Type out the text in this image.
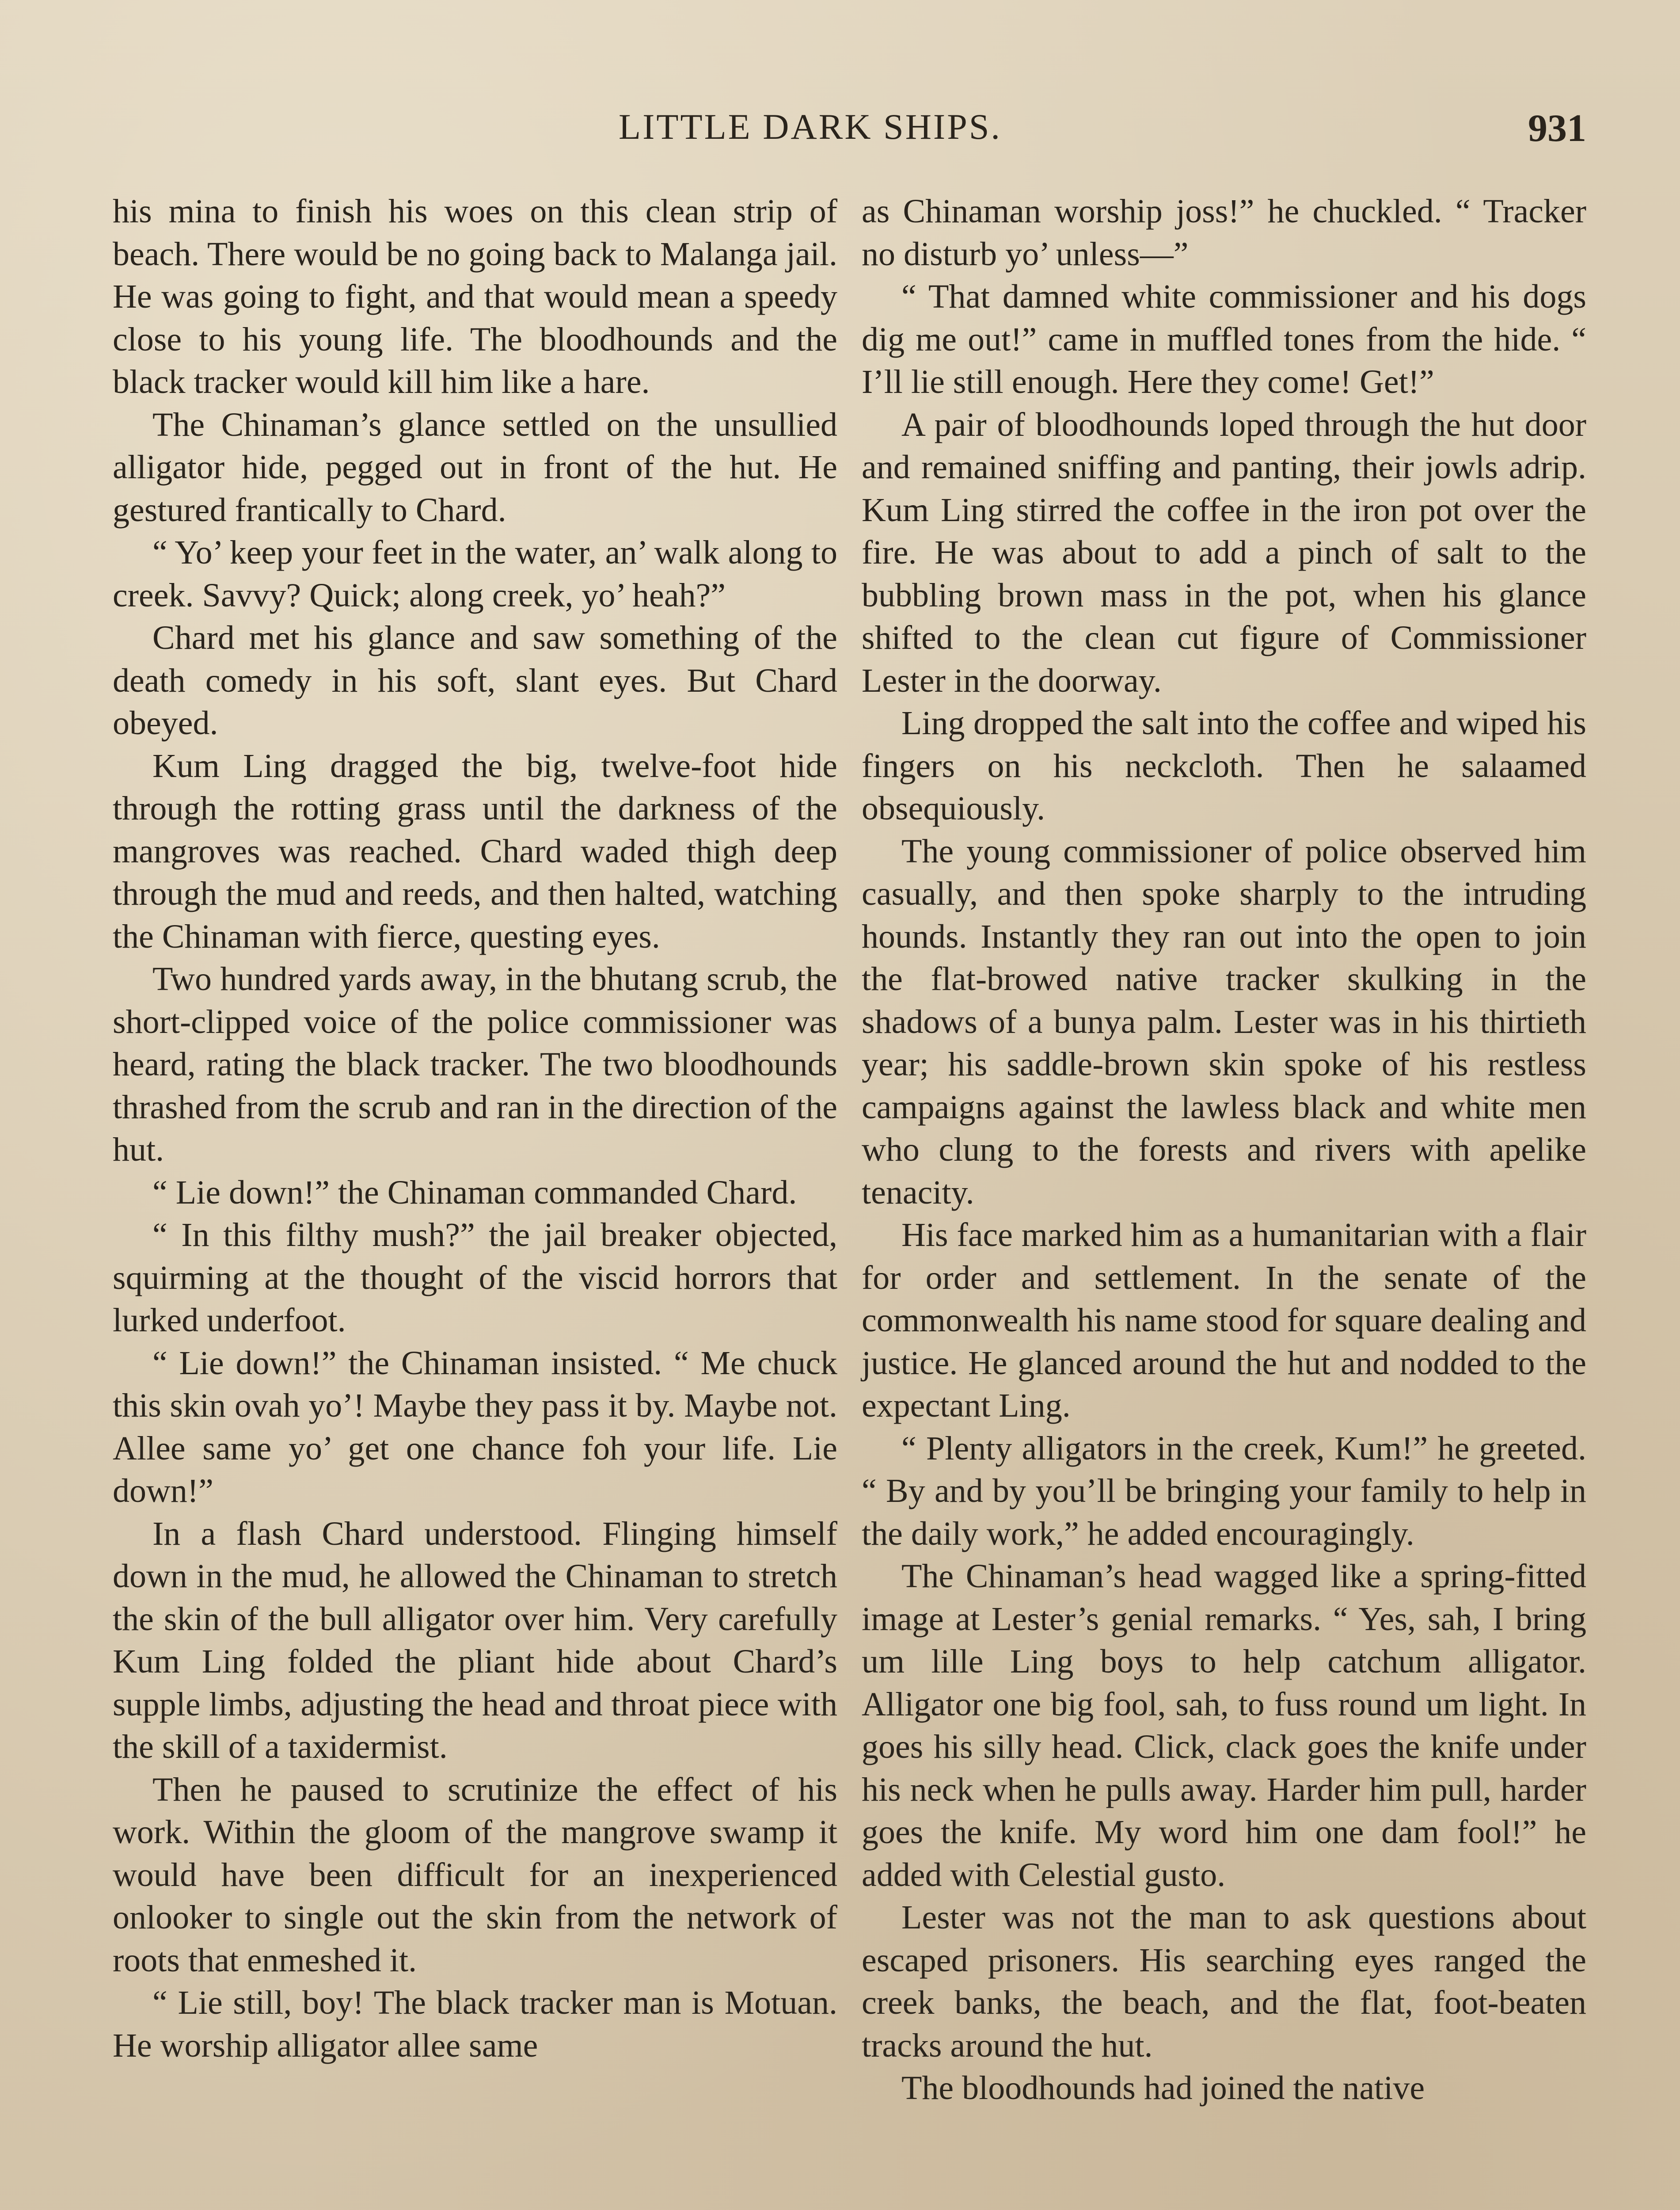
LITTLE DARK SHIPS.	931

his mina to finish his woes on this clean strip of beach. There would be no going back to Malanga jail. He was going to fight, and that would mean a speedy close to his young life. The bloodhounds and the black tracker would kill him like a hare.

The Chinaman’s glance settled on the unsullied alligator hide, pegged out in front of the hut. He gestured frantically to Chard.

“ Yo’ keep your feet in the water, an’ walk along to creek. Savvy? Quick; along creek, yo’ heah?”

Chard met his glance and saw something of the death comedy in his soft, slant eyes. But Chard obeyed.

Kum Ling dragged the big, twelve-foot hide through the rotting grass until the darkness of the mangroves was reached. Chard waded thigh deep through the mud and reeds, and then halted, watching the Chinaman with fierce, questing eyes.

Two hundred yards away, in the bhutang scrub, the short-clipped voice of the police commissioner was heard, rating the black tracker. The two bloodhounds thrashed from the scrub and ran in the direction of the hut.

“ Lie down!” the Chinaman commanded Chard.

“ In this filthy mush?” the jail breaker objected, squirming at the thought of the viscid horrors that lurked underfoot.

“ Lie down!” the Chinaman insisted. “ Me chuck this skin ovah yo’! Maybe they pass it by. Maybe not. Allee same yo’ get one chance foh your life. Lie down!”

In a flash Chard understood. Flinging himself down in the mud, he allowed the Chinaman to stretch the skin of the bull alligator over him. Very carefully Kum Ling folded the pliant hide about Chard’s supple limbs, adjusting the head and throat piece with the skill of a taxidermist.

Then he paused to scrutinize the effect of his work. Within the gloom of the mangrove swamp it would have been difficult for an inexperienced onlooker to single out the skin from the network of roots that enmeshed it.

“ Lie still, boy! The black tracker man is Motuan. He worship alligator allee same

as Chinaman worship joss!” he chuckled. “ Tracker no disturb yo’ unless—”

“ That damned white commissioner and his dogs dig me out!” came in muffled tones from the hide. “ I’ll lie still enough. Here they come! Get!”

A pair of bloodhounds loped through the hut door and remained sniffing and panting, their jowls adrip. Kum Ling stirred the coffee in the iron pot over the fire. He was about to add a pinch of salt to the bubbling brown mass in the pot, when his glance shifted to the clean cut figure of Commissioner Lester in the doorway.

Ling dropped the salt into the coffee and wiped his fingers on his neckcloth. Then he salaamed obsequiously.

The young commissioner of police observed him casually, and then spoke sharply to the intruding hounds. Instantly they ran out into the open to join the flat-browed native tracker skulking in the shadows of a bunya palm. Lester was in his thirtieth year; his saddle-brown skin spoke of his restless campaigns against the lawless black and white men who clung to the forests and rivers with apelike tenacity.

His face marked him as a humanitarian with a flair for order and settlement. In the senate of the commonwealth his name stood for square dealing and justice. He glanced around the hut and nodded to the expectant Ling.

“ Plenty alligators in the creek, Kum!” he greeted. “ By and by you’ll be bringing your family to help in the daily work,” he added encouragingly.

The Chinaman’s head wagged like a spring-fitted image at Lester’s genial remarks. “ Yes, sah, I bring um lille Ling boys to help catchum alligator. Alligator one big fool, sah, to fuss round um light. In goes his silly head. Click, clack goes the knife under his neck when he pulls away. Harder him pull, harder goes the knife. My word him one dam fool!” he added with Celestial gusto.

Lester was not the man to ask questions about escaped prisoners. His searching eyes ranged the creek banks, the beach, and the flat, foot-beaten tracks around the hut.

The bloodhounds had joined the native
